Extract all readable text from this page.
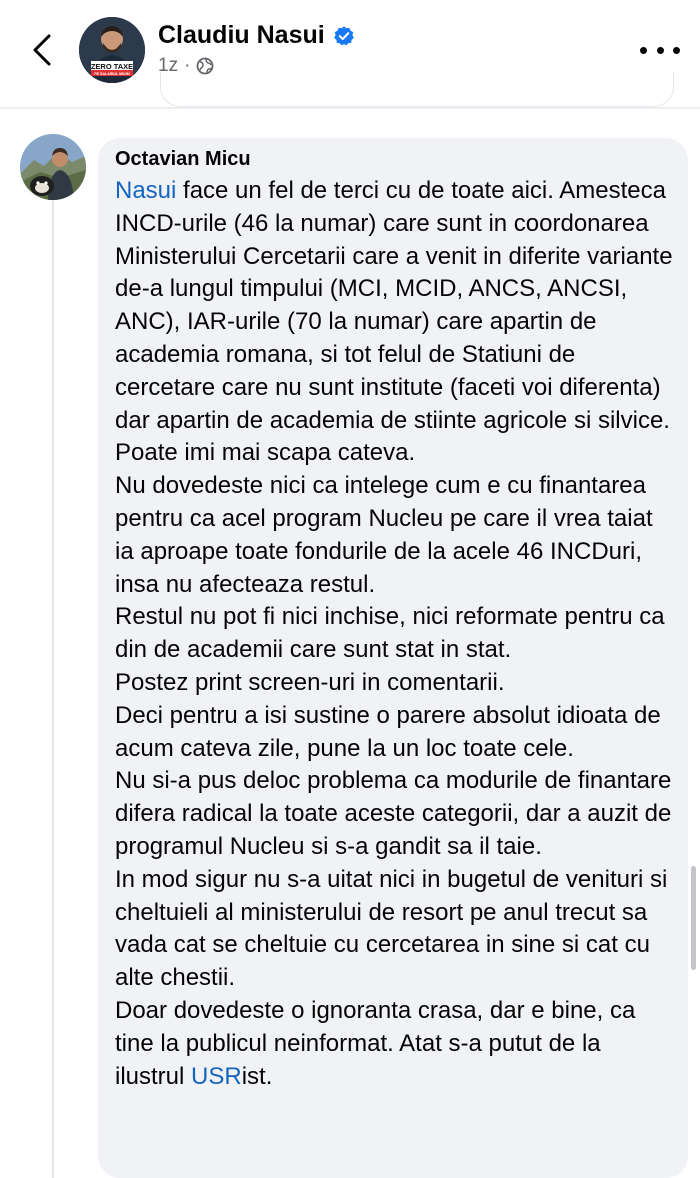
ZERO TAXE
PE SALARIUL MINIM
Claudiu Nasui
1z ·
Octavian Micu

Nasui face un fel de terci cu de toate aici. Amesteca INCD-urile (46 la numar) care sunt in coordonarea Ministerului Cercetarii care a venit in diferite variante de-a lungul timpului (MCI, MCID, ANCS, ANCSI, ANC), IAR-urile (70 la numar) care apartin de academia romana, si tot felul de Statiuni de cercetare care nu sunt institute (faceti voi diferenta) dar apartin de academia de stiinte agricole si silvice. Poate imi mai scapa cateva.

Nu dovedeste nici ca intelege cum e cu finantarea pentru ca acel program Nucleu pe care il vrea taiat ia aproape toate fondurile de la acele 46 INCDuri, insa nu afecteaza restul.

Restul nu pot fi nici inchise, nici reformate pentru ca din de academii care sunt stat in stat.

Postez print screen-uri in comentarii.

Deci pentru a isi sustine o parere absolut idioata de acum cateva zile, pune la un loc toate cele.

Nu si-a pus deloc problema ca modurile de finantare difera radical la toate aceste categorii, dar a auzit de programul Nucleu si s-a gandit sa il taie.

In mod sigur nu s-a uitat nici in bugetul de venituri si cheltuieli al ministerului de resort pe anul trecut sa vada cat se cheltuie cu cercetarea in sine si cat cu alte chestii.

Doar dovedeste o ignoranta crasa, dar e bine, ca tine la publicul neinformat. Atat s-a putut de la ilustrul USRist.
